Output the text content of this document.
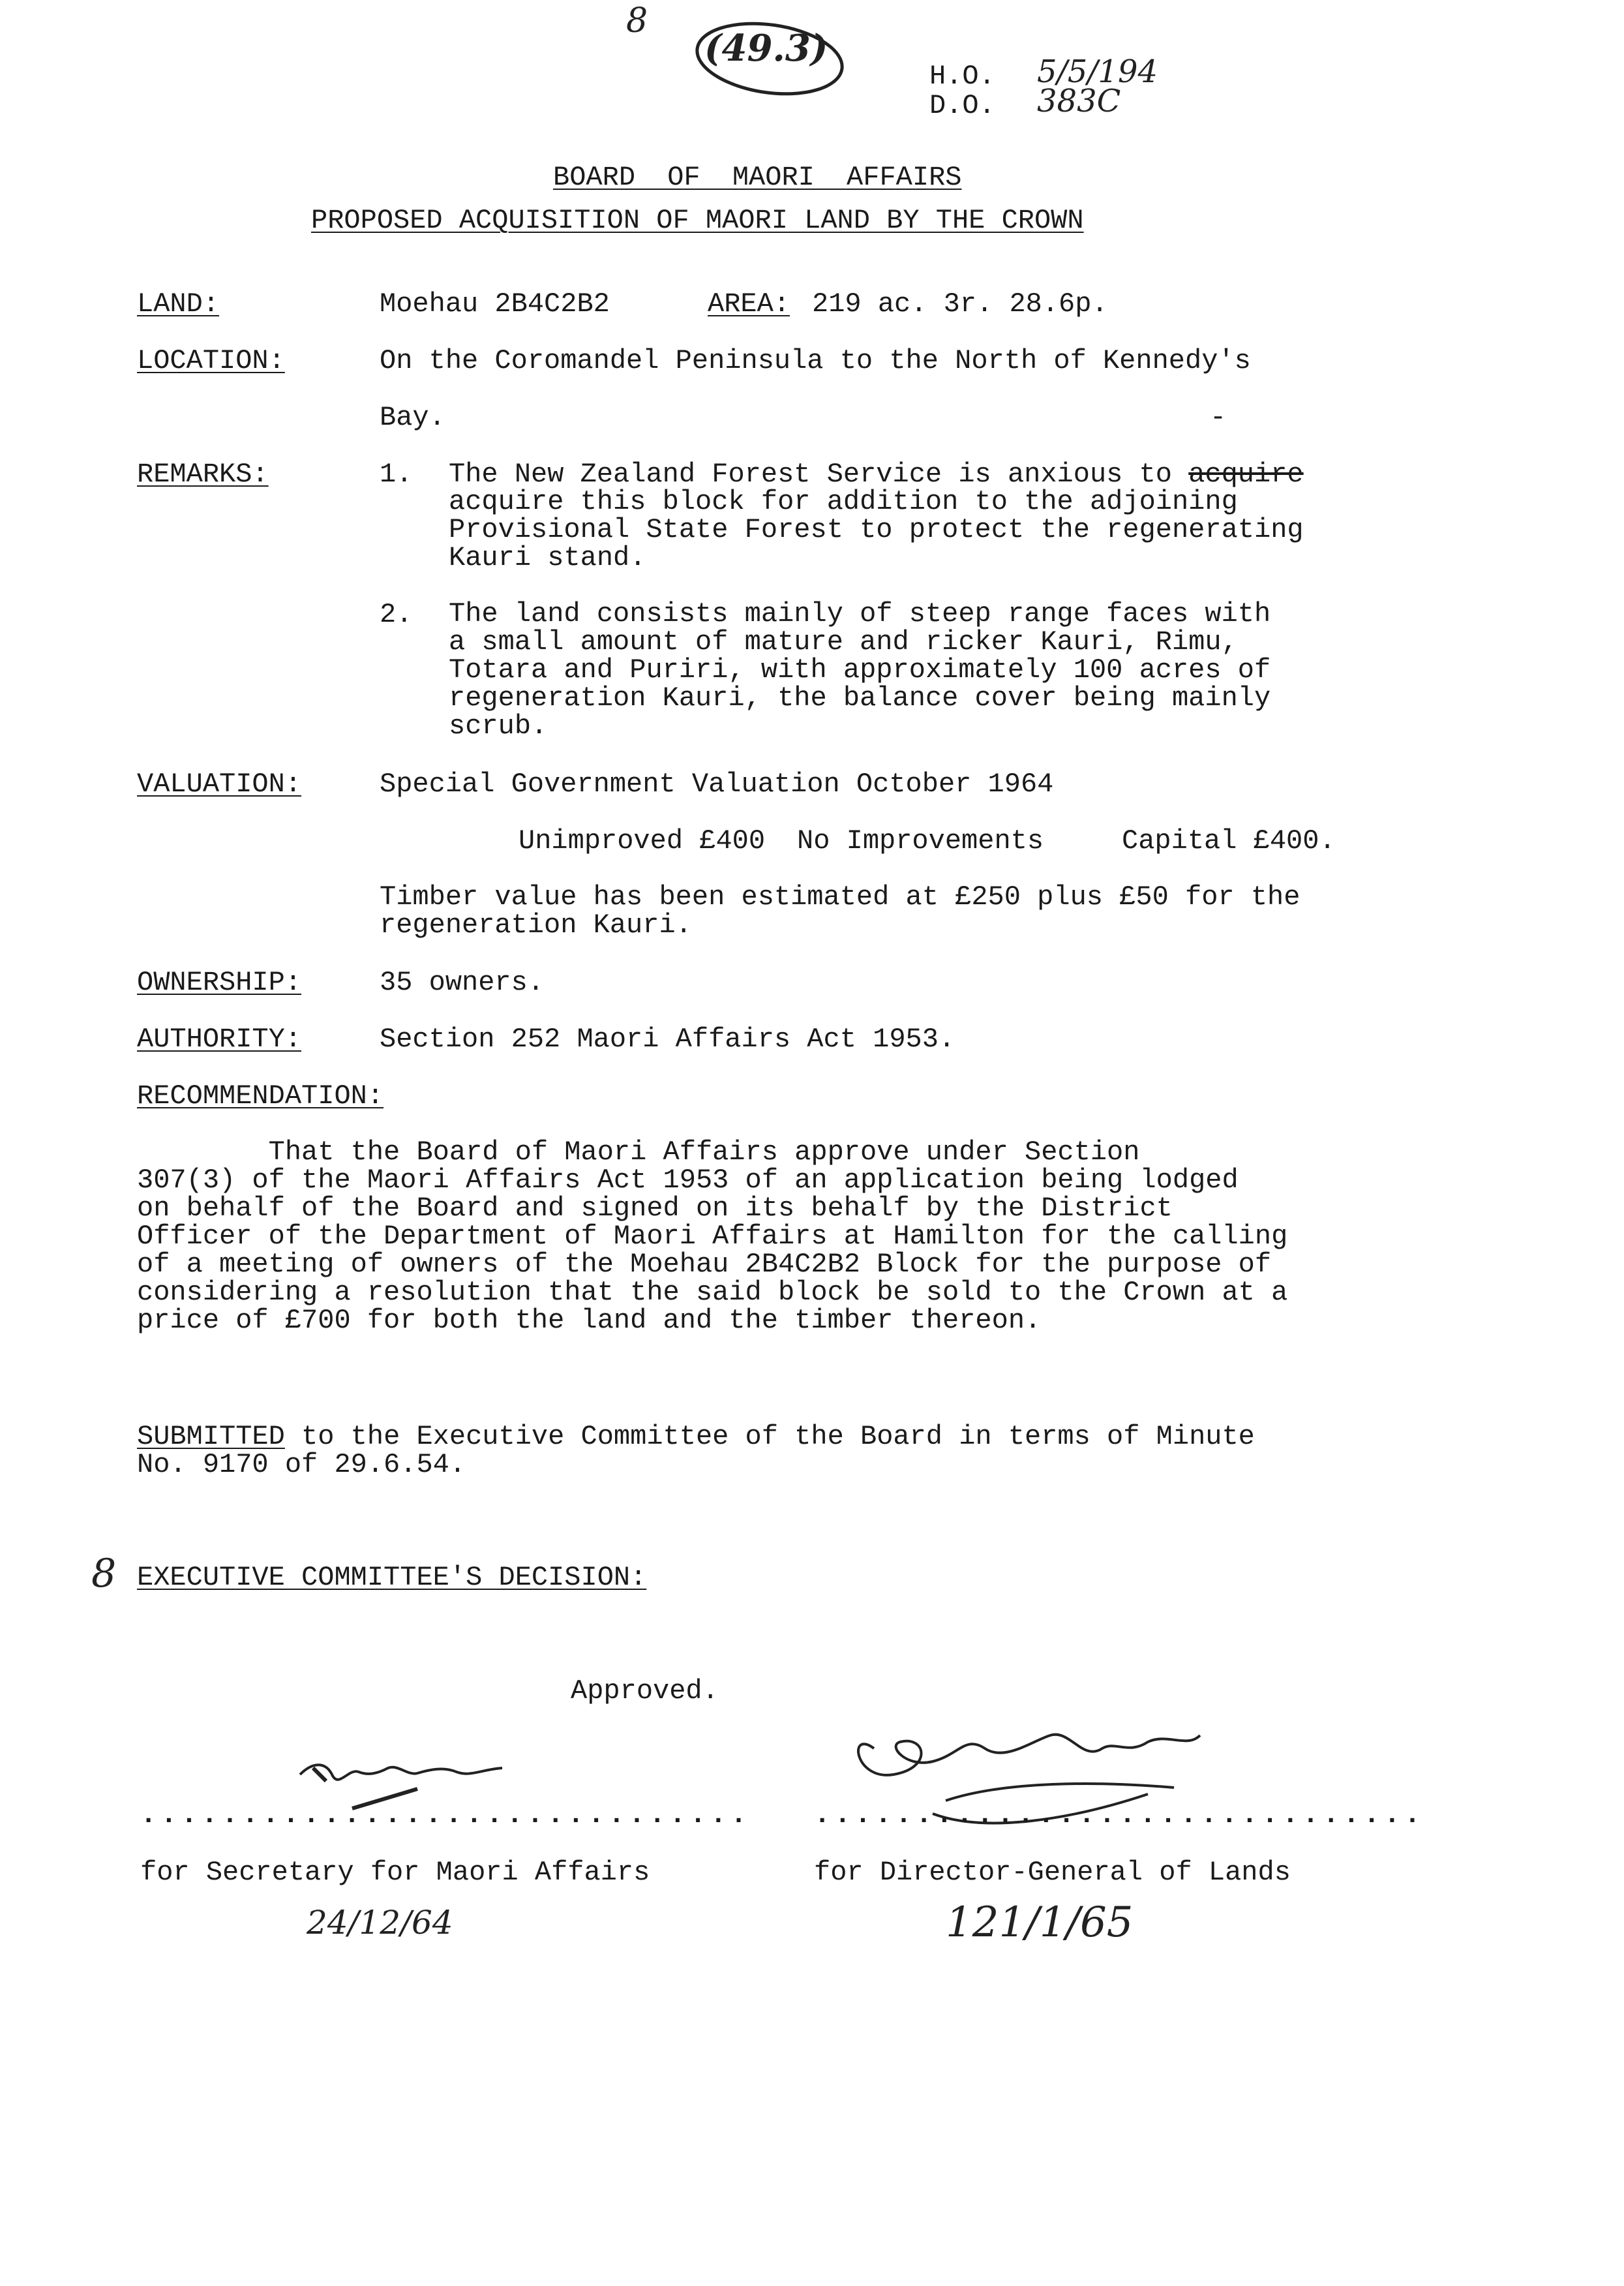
8
(49.3)
H.O. 5/5/194
D.O. 383C
BOARD OF MAORI AFFAIRS
PROPOSED ACQUISITION OF MAORI LAND BY THE CROWN
LAND:	Moehau 2B4C2B2	AREA: 219 ac. 3r. 28.6p.
LOCATION:	On the Coromandel Peninsula to the North of Kennedy's
Bay.	-
REMARKS:	1. The New Zealand Forest Service is anxious to acquire
acquire this block for addition to the adjoining
Provisional State Forest to protect the regenerating
Kauri stand.
2. The land consists mainly of steep range faces with
a small amount of mature and ricker Kauri, Rimu,
Totara and Puriri, with approximately 100 acres of
regeneration Kauri, the balance cover being mainly
scrub.
VALUATION:	Special Government Valuation October 1964
Unimproved £400 No Improvements	Capital £400.
Timber value has been estimated at £250 plus £50 for the
regeneration Kauri.
OWNERSHIP:	35 owners.
AUTHORITY:	Section 252 Maori Affairs Act 1953.
RECOMMENDATION:
That the Board of Maori Affairs approve under Section
307(3) of the Maori Affairs Act 1953 of an application being lodged
on behalf of the Board and signed on its behalf by the District
Officer of the Department of Maori Affairs at Hamilton for the calling
of a meeting of owners of the Moehau 2B4C2B2 Block for the purpose of
considering a resolution that the said block be sold to the Crown at a
price of £700 for both the land and the timber thereon.
SUBMITTED to the Executive Committee of the Board in terms of Minute
No. 9170 of 29.6.54.
8 EXECUTIVE COMMITTEE'S DECISION:
Approved.
.............................. ..............................
for Secretary for Maori Affairs	for Director-General of Lands
24/12/64	121/1/65
